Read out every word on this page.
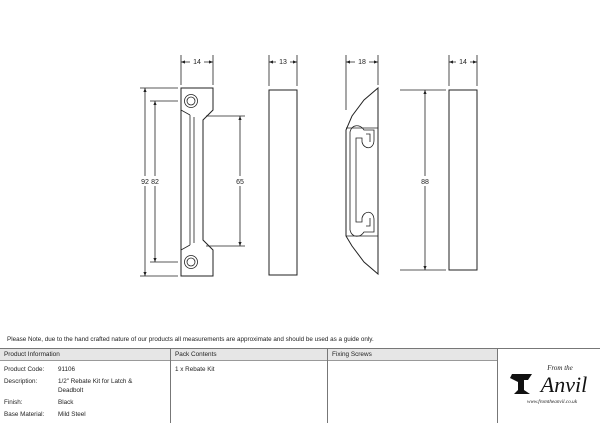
14	13	18	14
92 82	65	88
Please Note, due to the hand crafted nature of our products all measurements are approximate and should be used as a guide only.
Product Information
Product Code:	91106
Description:	1/2" Rebate Kit for Latch & Deadbolt
Finish:	Black
Base Material:	Mild Steel
Pack Contents
1 x Rebate Kit
Fixing Screws
From the
Anvil
www.fromtheanvil.co.uk
